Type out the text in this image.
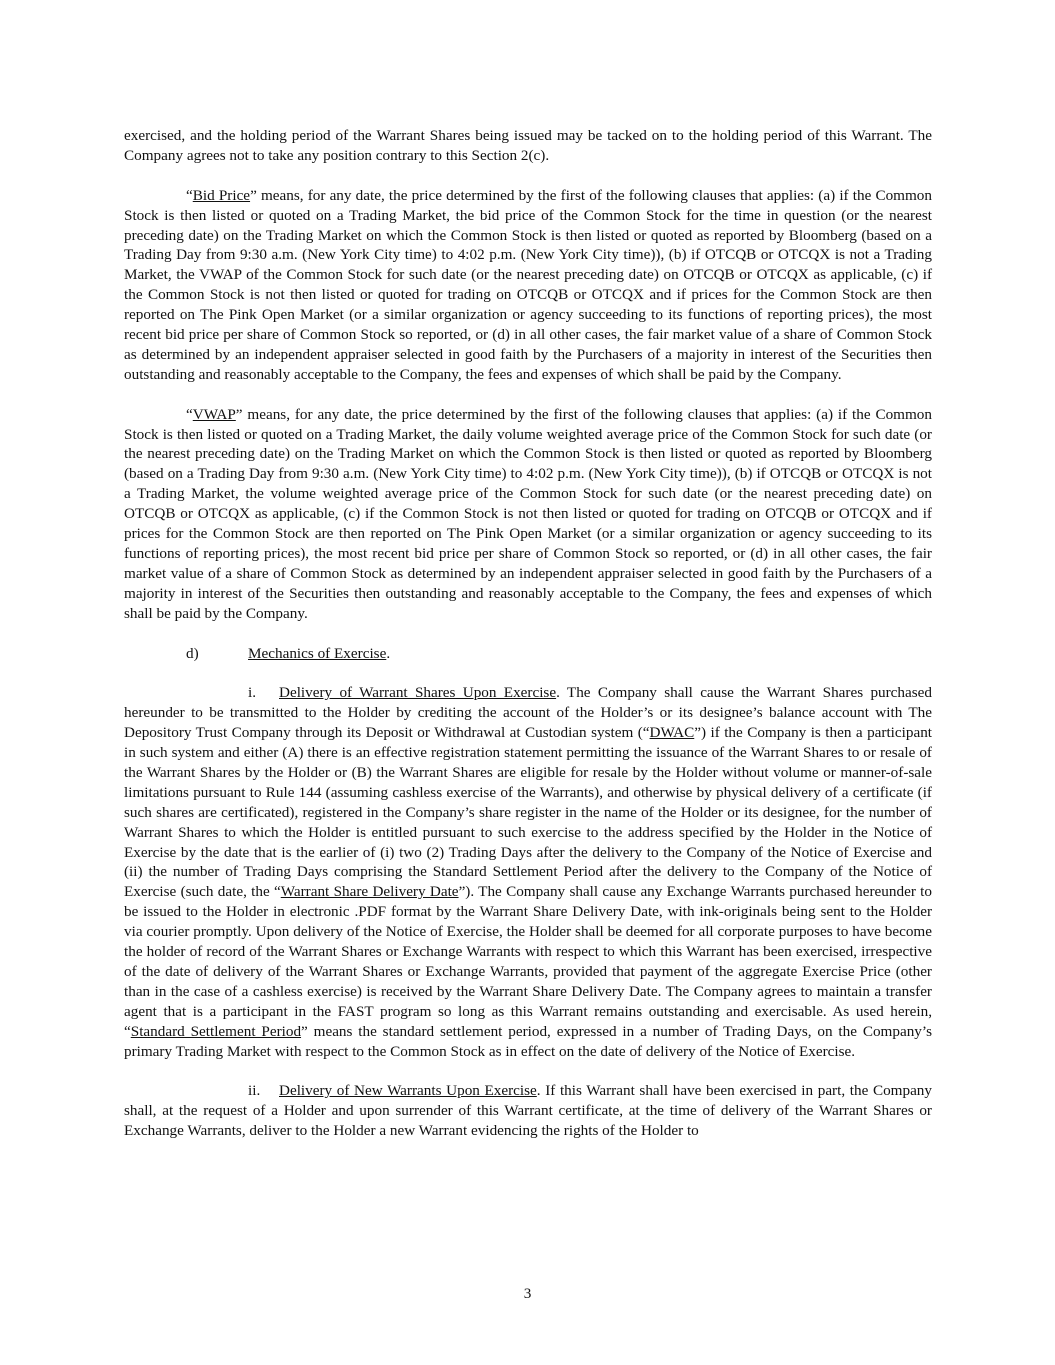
exercised, and the holding period of the Warrant Shares being issued may be tacked on to the holding period of this Warrant. The Company agrees not to take any position contrary to this Section 2(c).

“Bid Price” means, for any date, the price determined by the first of the following clauses that applies: (a) if the Common Stock is then listed or quoted on a Trading Market, the bid price of the Common Stock for the time in question (or the nearest preceding date) on the Trading Market on which the Common Stock is then listed or quoted as reported by Bloomberg (based on a Trading Day from 9:30 a.m. (New York City time) to 4:02 p.m. (New York City time)), (b) if OTCQB or OTCQX is not a Trading Market, the VWAP of the Common Stock for such date (or the nearest preceding date) on OTCQB or OTCQX as applicable, (c) if the Common Stock is not then listed or quoted for trading on OTCQB or OTCQX and if prices for the Common Stock are then reported on The Pink Open Market (or a similar organization or agency succeeding to its functions of reporting prices), the most recent bid price per share of Common Stock so reported, or (d) in all other cases, the fair market value of a share of Common Stock as determined by an independent appraiser selected in good faith by the Purchasers of a majority in interest of the Securities then outstanding and reasonably acceptable to the Company, the fees and expenses of which shall be paid by the Company.

“VWAP” means, for any date, the price determined by the first of the following clauses that applies: (a) if the Common Stock is then listed or quoted on a Trading Market, the daily volume weighted average price of the Common Stock for such date (or the nearest preceding date) on the Trading Market on which the Common Stock is then listed or quoted as reported by Bloomberg (based on a Trading Day from 9:30 a.m. (New York City time) to 4:02 p.m. (New York City time)), (b) if OTCQB or OTCQX is not a Trading Market, the volume weighted average price of the Common Stock for such date (or the nearest preceding date) on OTCQB or OTCQX as applicable, (c) if the Common Stock is not then listed or quoted for trading on OTCQB or OTCQX and if prices for the Common Stock are then reported on The Pink Open Market (or a similar organization or agency succeeding to its functions of reporting prices), the most recent bid price per share of Common Stock so reported, or (d) in all other cases, the fair market value of a share of Common Stock as determined by an independent appraiser selected in good faith by the Purchasers of a majority in interest of the Securities then outstanding and reasonably acceptable to the Company, the fees and expenses of which shall be paid by the Company.

d)	Mechanics of Exercise.

i. Delivery of Warrant Shares Upon Exercise. The Company shall cause the Warrant Shares purchased hereunder to be transmitted to the Holder by crediting the account of the Holder’s or its designee’s balance account with The Depository Trust Company through its Deposit or Withdrawal at Custodian system (“DWAC”) if the Company is then a participant in such system and either (A) there is an effective registration statement permitting the issuance of the Warrant Shares to or resale of the Warrant Shares by the Holder or (B) the Warrant Shares are eligible for resale by the Holder without volume or manner-of-sale limitations pursuant to Rule 144 (assuming cashless exercise of the Warrants), and otherwise by physical delivery of a certificate (if such shares are certificated), registered in the Company’s share register in the name of the Holder or its designee, for the number of Warrant Shares to which the Holder is entitled pursuant to such exercise to the address specified by the Holder in the Notice of Exercise by the date that is the earlier of (i) two (2) Trading Days after the delivery to the Company of the Notice of Exercise and (ii) the number of Trading Days comprising the Standard Settlement Period after the delivery to the Company of the Notice of Exercise (such date, the “Warrant Share Delivery Date”). The Company shall cause any Exchange Warrants purchased hereunder to be issued to the Holder in electronic .PDF format by the Warrant Share Delivery Date, with ink-originals being sent to the Holder via courier promptly. Upon delivery of the Notice of Exercise, the Holder shall be deemed for all corporate purposes to have become the holder of record of the Warrant Shares or Exchange Warrants with respect to which this Warrant has been exercised, irrespective of the date of delivery of the Warrant Shares or Exchange Warrants, provided that payment of the aggregate Exercise Price (other than in the case of a cashless exercise) is received by the Warrant Share Delivery Date. The Company agrees to maintain a transfer agent that is a participant in the FAST program so long as this Warrant remains outstanding and exercisable. As used herein, “Standard Settlement Period” means the standard settlement period, expressed in a number of Trading Days, on the Company’s primary Trading Market with respect to the Common Stock as in effect on the date of delivery of the Notice of Exercise.

ii. Delivery of New Warrants Upon Exercise. If this Warrant shall have been exercised in part, the Company shall, at the request of a Holder and upon surrender of this Warrant certificate, at the time of delivery of the Warrant Shares or Exchange Warrants, deliver to the Holder a new Warrant evidencing the rights of the Holder to

3
